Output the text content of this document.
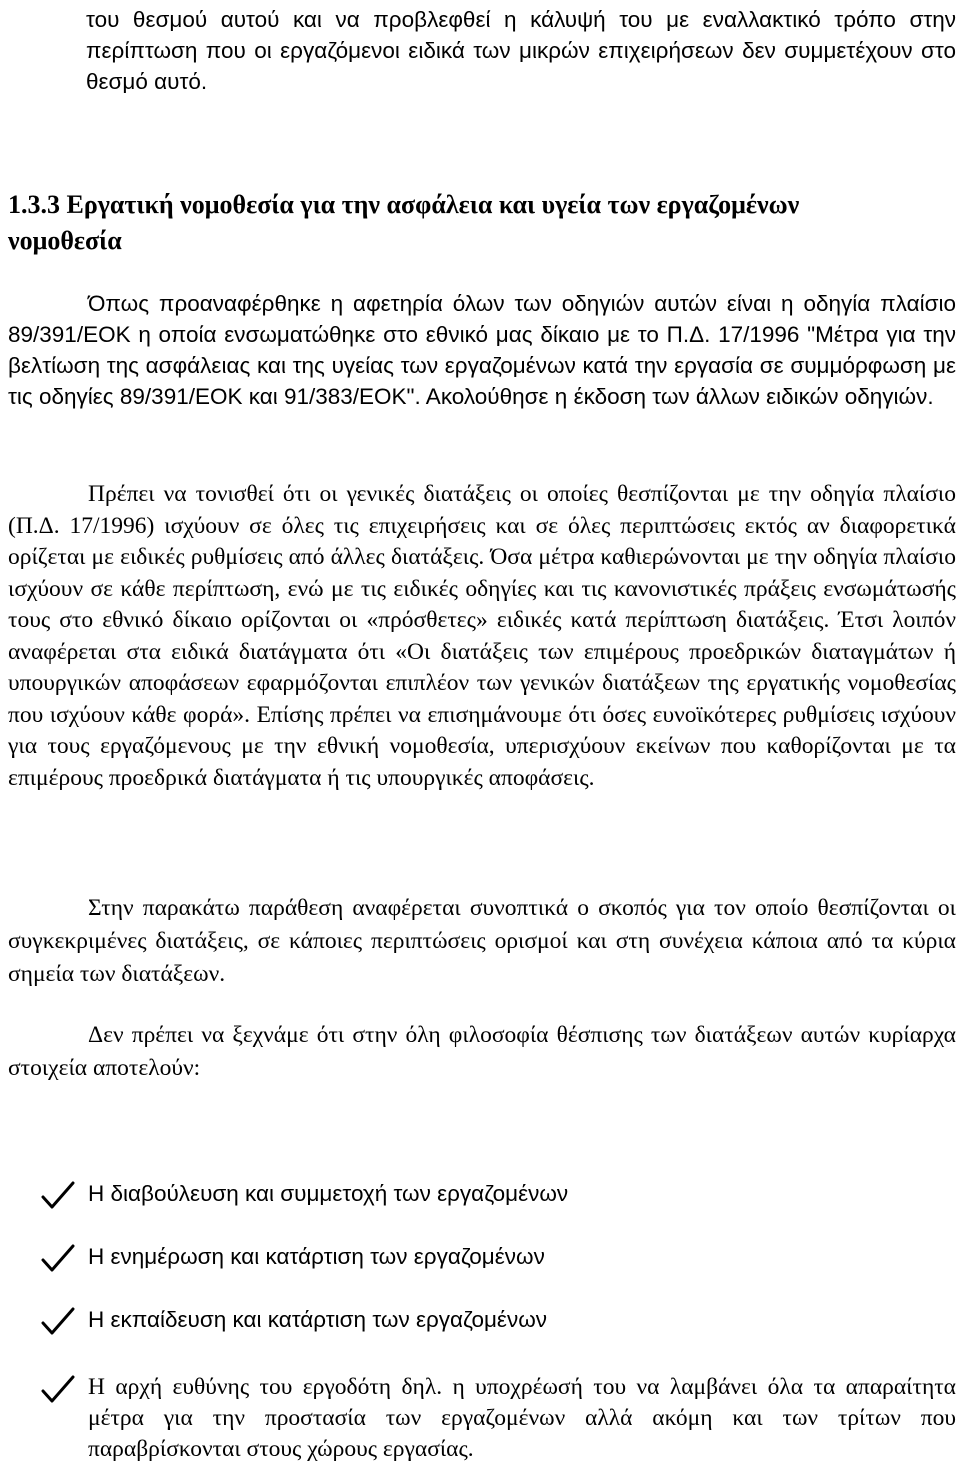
του θεσμού αυτού και να προβλεφθεί η κάλυψή του με εναλλακτικό τρόπο στην περίπτωση που οι εργαζόμενοι ειδικά των μικρών επιχειρήσεων δεν συμμετέχουν στο θεσμό αυτό.

1.3.3 Εργατική νομοθεσία για την ασφάλεια και υγεία των εργαζομένων νομοθεσία

Όπως προαναφέρθηκε η αφετηρία όλων των οδηγιών αυτών είναι η οδηγία πλαίσιο 89/391/ΕΟΚ η οποία ενσωματώθηκε στο εθνικό μας δίκαιο με το Π.Δ. 17/1996 "Μέτρα για την βελτίωση της ασφάλειας και της υγείας των εργαζομένων κατά την εργασία σε συμμόρφωση με τις οδηγίες 89/391/ΕΟΚ και 91/383/ΕΟΚ". Ακολούθησε η έκδοση των άλλων ειδικών οδηγιών.

Πρέπει να τονισθεί ότι οι γενικές διατάξεις οι οποίες θεσπίζονται με την οδηγία πλαίσιο (Π.Δ. 17/1996) ισχύουν σε όλες τις επιχειρήσεις και σε όλες περιπτώσεις εκτός αν διαφορετικά ορίζεται με ειδικές ρυθμίσεις από άλλες διατάξεις. Όσα μέτρα καθιερώνονται με την οδηγία πλαίσιο ισχύουν σε κάθε περίπτωση, ενώ με τις ειδικές οδηγίες και τις κανονιστικές πράξεις ενσωμάτωσής τους στο εθνικό δίκαιο ορίζονται οι «πρόσθετες» ειδικές κατά περίπτωση διατάξεις. Έτσι λοιπόν αναφέρεται στα ειδικά διατάγματα ότι «Οι διατάξεις των επιμέρους προεδρικών διαταγμάτων ή υπουργικών αποφάσεων εφαρμόζονται επιπλέον των γενικών διατάξεων της εργατικής νομοθεσίας που ισχύουν κάθε φορά». Επίσης πρέπει να επισημάνουμε ότι όσες ευνοϊκότερες ρυθμίσεις ισχύουν για τους εργαζόμενους με την εθνική νομοθεσία, υπερισχύουν εκείνων που καθορίζονται με τα επιμέρους προεδρικά διατάγματα ή τις υπουργικές αποφάσεις.

Στην παρακάτω παράθεση αναφέρεται συνοπτικά ο σκοπός για τον οποίο θεσπίζονται οι συγκεκριμένες διατάξεις, σε κάποιες περιπτώσεις ορισμοί και στη συνέχεια κάποια από τα κύρια σημεία των διατάξεων.

Δεν πρέπει να ξεχνάμε ότι στην όλη φιλοσοφία θέσπισης των διατάξεων αυτών κυρίαρχα στοιχεία αποτελούν:

Η διαβούλευση και συμμετοχή των εργαζομένων
Η ενημέρωση και κατάρτιση των εργαζομένων
Η εκπαίδευση και κατάρτιση των εργαζομένων
Η αρχή ευθύνης του εργοδότη δηλ. η υποχρέωσή του να λαμβάνει όλα τα απαραίτητα μέτρα για την προστασία των εργαζομένων αλλά ακόμη και των τρίτων που παραβρίσκονται στους χώρους εργασίας.
